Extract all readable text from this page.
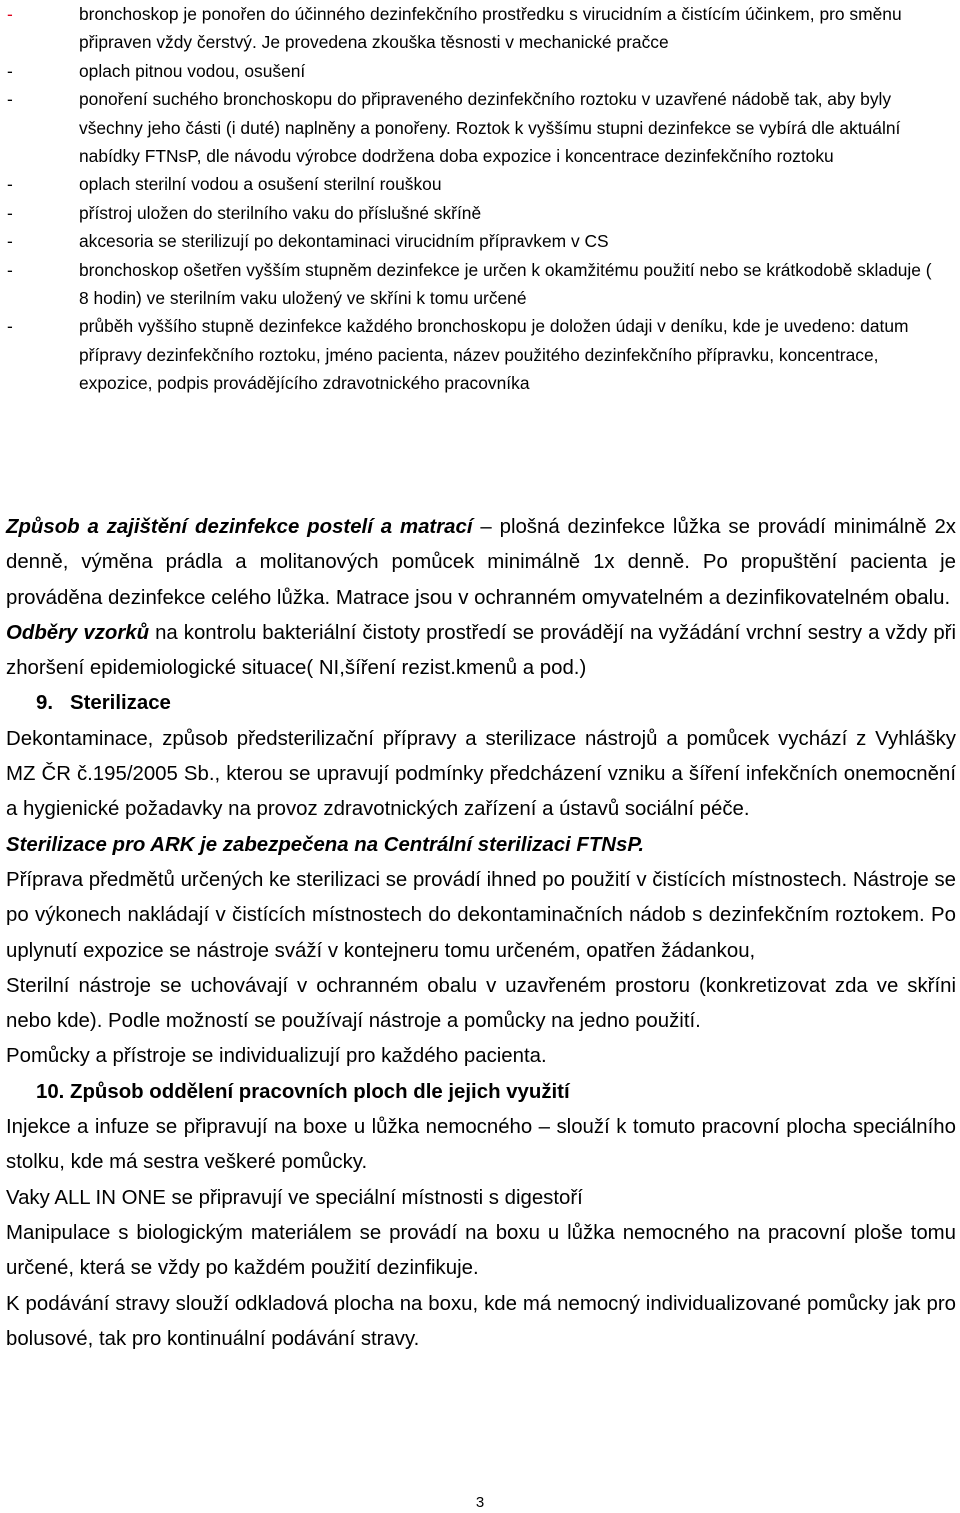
-	bronchoskop je ponořen do účinného dezinfekčního prostředku s virucidním a čistícím účinkem, pro směnu připraven vždy čerstvý. Je provedena zkouška těsnosti v mechanické pračce
-	oplach pitnou vodou, osušení
-	ponoření suchého bronchoskopu do připraveného dezinfekčního roztoku v uzavřené nádobě tak, aby byly všechny jeho části (i duté) naplněny a ponořeny. Roztok k vyššímu stupni dezinfekce se vybírá dle aktuální nabídky FTNsP, dle návodu výrobce dodržena doba expozice i koncentrace dezinfekčního roztoku
-	oplach sterilní vodou a osušení sterilní rouškou
-	přístroj uložen do sterilního vaku do příslušné skříně
-	akcesoria se sterilizují po dekontaminaci virucidním přípravkem v CS
-	bronchoskop ošetřen vyšším stupněm dezinfekce je určen k okamžitému použití nebo se krátkodobě skladuje ( 8 hodin) ve sterilním vaku uložený ve skříni k tomu určené
-	průběh vyššího stupně dezinfekce každého bronchoskopu je doložen údaji v deníku, kde je uvedeno: datum přípravy dezinfekčního roztoku, jméno pacienta, název použitého dezinfekčního přípravku, koncentrace, expozice, podpis provádějícího zdravotnického pracovníka

Způsob a zajištění dezinfekce postelí a matrací – plošná dezinfekce lůžka se provádí minimálně 2x denně, výměna prádla a molitanových pomůcek minimálně 1x denně. Po propuštění pacienta je prováděna dezinfekce celého lůžka. Matrace jsou v ochranném omyvatelném a dezinfikovatelném obalu.

Odběry vzorků na kontrolu bakteriální čistoty prostředí se provádějí na vyžádání vrchní sestry a vždy při zhoršení epidemiologické situace( NI,šíření rezist.kmenů a pod.)

9. Sterilizace

Dekontaminace, způsob předsterilizační přípravy a sterilizace nástrojů a pomůcek vychází z Vyhlášky MZ ČR č.195/2005 Sb., kterou se upravují podmínky předcházení vzniku a šíření infekčních onemocnění a hygienické požadavky na provoz zdravotnických zařízení a ústavů sociální péče.

Sterilizace pro ARK je zabezpečena na Centrální sterilizaci FTNsP.

Příprava předmětů určených ke sterilizaci se provádí ihned po použití v čistících místnostech. Nástroje se po výkonech nakládají v čistících místnostech do dekontaminačních nádob s dezinfekčním roztokem. Po uplynutí expozice se nástroje sváží v kontejneru tomu určeném, opatřen žádankou,

Sterilní nástroje se uchovávají v ochranném obalu v uzavřeném prostoru (konkretizovat zda ve skříni nebo kde). Podle možností se používají nástroje a pomůcky na jedno použití.

Pomůcky a přístroje se individualizují pro každého pacienta.

10. Způsob oddělení pracovních ploch dle jejich využití

Injekce a infuze se připravují na boxe u lůžka nemocného – slouží k tomuto pracovní plocha speciálního stolku, kde má sestra veškeré pomůcky.

Vaky ALL IN ONE se připravují ve speciální místnosti s digestoří

Manipulace s biologickým materiálem se provádí na boxu u lůžka nemocného na pracovní ploše tomu určené, která se vždy po každém použití dezinfikuje.

K podávání stravy slouží odkladová plocha na boxu, kde má nemocný individualizované pomůcky jak pro bolusové, tak pro kontinuální podávání stravy.

3
